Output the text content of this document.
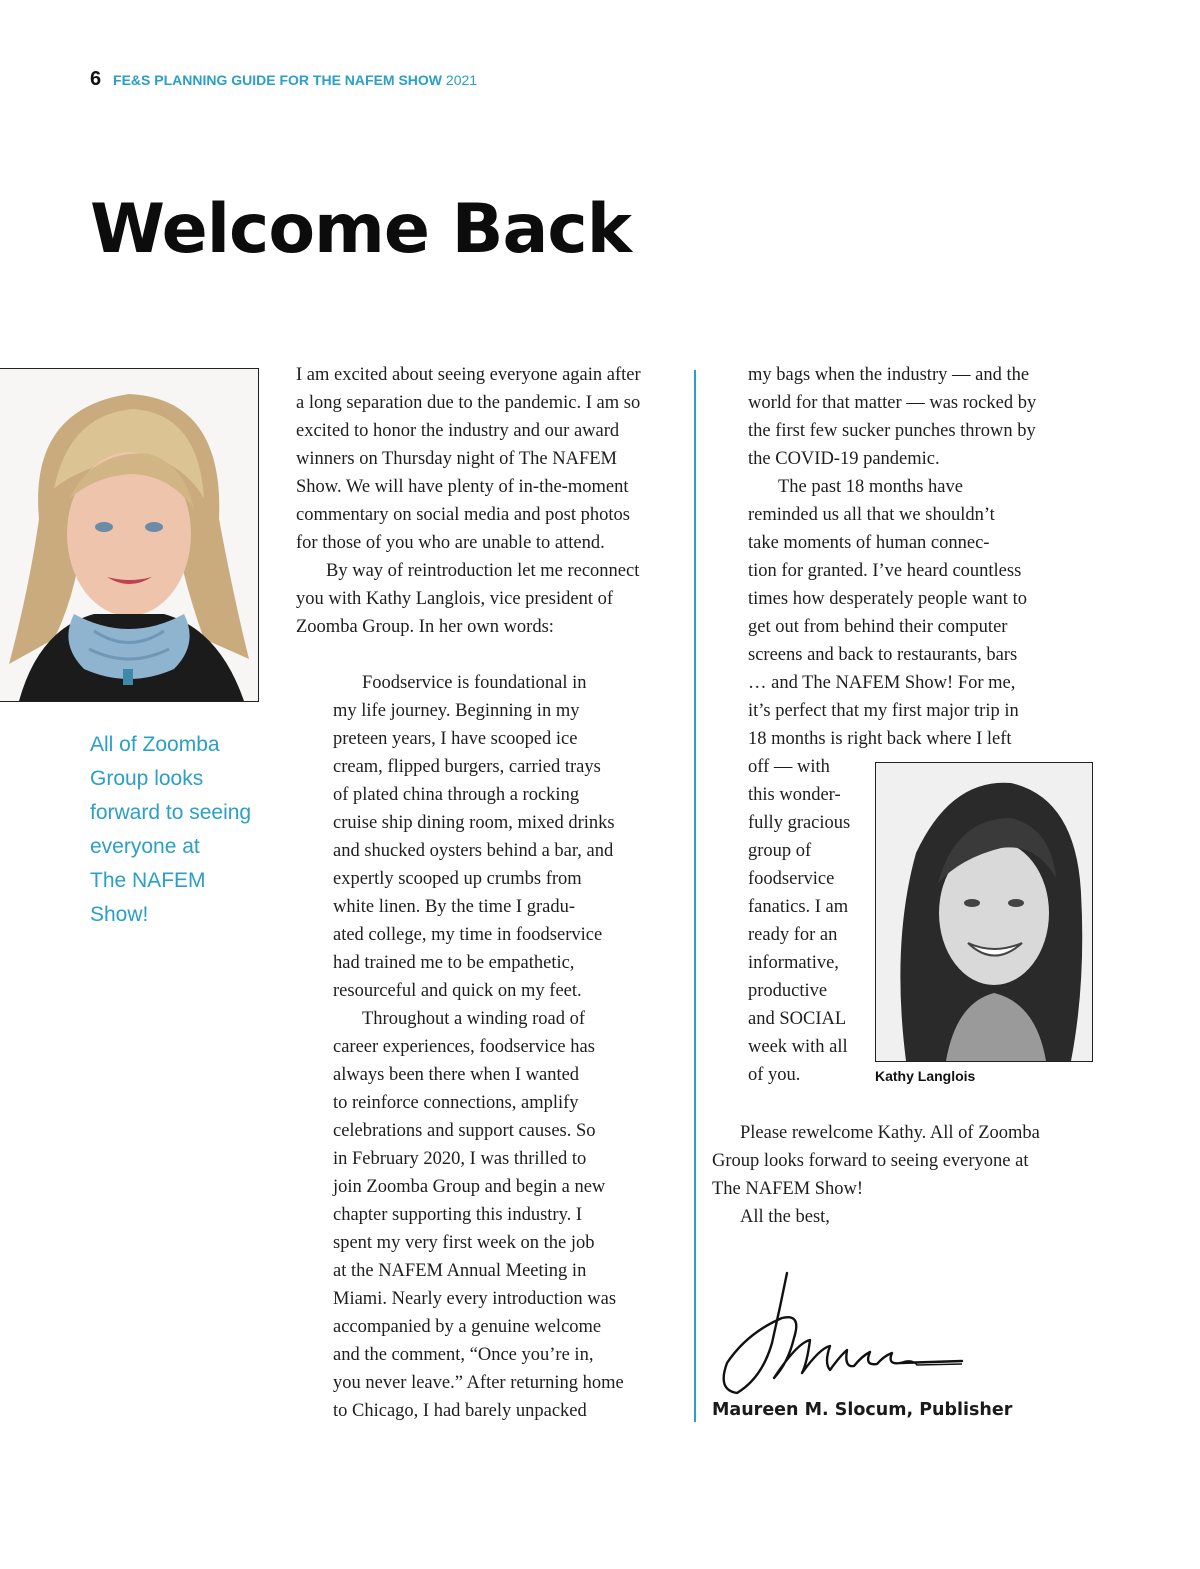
6 FE&S PLANNING GUIDE FOR THE NAFEM SHOW 2021
Welcome Back
All of Zoomba
Group looks
forward to seeing
everyone at
The NAFEM
Show!
I am excited about seeing everyone again after
a long separation due to the pandemic. I am so
excited to honor the industry and our award
winners on Thursday night of The NAFEM
Show. We will have plenty of in-the-moment
commentary on social media and post photos
for those of you who are unable to attend.
By way of reintroduction let me reconnect
you with Kathy Langlois, vice president of
Zoomba Group. In her own words:
Foodservice is foundational in
my life journey. Beginning in my
preteen years, I have scooped ice
cream, flipped burgers, carried trays
of plated china through a rocking
cruise ship dining room, mixed drinks
and shucked oysters behind a bar, and
expertly scooped up crumbs from
white linen. By the time I gradu-
ated college, my time in foodservice
had trained me to be empathetic,
resourceful and quick on my feet.
Throughout a winding road of
career experiences, foodservice has
always been there when I wanted
to reinforce connections, amplify
celebrations and support causes. So
in February 2020, I was thrilled to
join Zoomba Group and begin a new
chapter supporting this industry. I
spent my very first week on the job
at the NAFEM Annual Meeting in
Miami. Nearly every introduction was
accompanied by a genuine welcome
and the comment, “Once you’re in,
you never leave.” After returning home
to Chicago, I had barely unpacked
my bags when the industry — and the
world for that matter — was rocked by
the first few sucker punches thrown by
the COVID-19 pandemic.
The past 18 months have
reminded us all that we shouldn’t
take moments of human connec-
tion for granted. I’ve heard countless
times how desperately people want to
get out from behind their computer
screens and back to restaurants, bars
… and The NAFEM Show! For me,
it’s perfect that my first major trip in
18 months is right back where I left
off — with
this wonder-
fully gracious
group of
foodservice
fanatics. I am
ready for an
informative,
productive
and SOCIAL
week with all
of you.	Kathy Langlois
Please rewelcome Kathy. All of Zoomba
Group looks forward to seeing everyone at
The NAFEM Show!
All the best,
Maureen M. Slocum, Publisher
